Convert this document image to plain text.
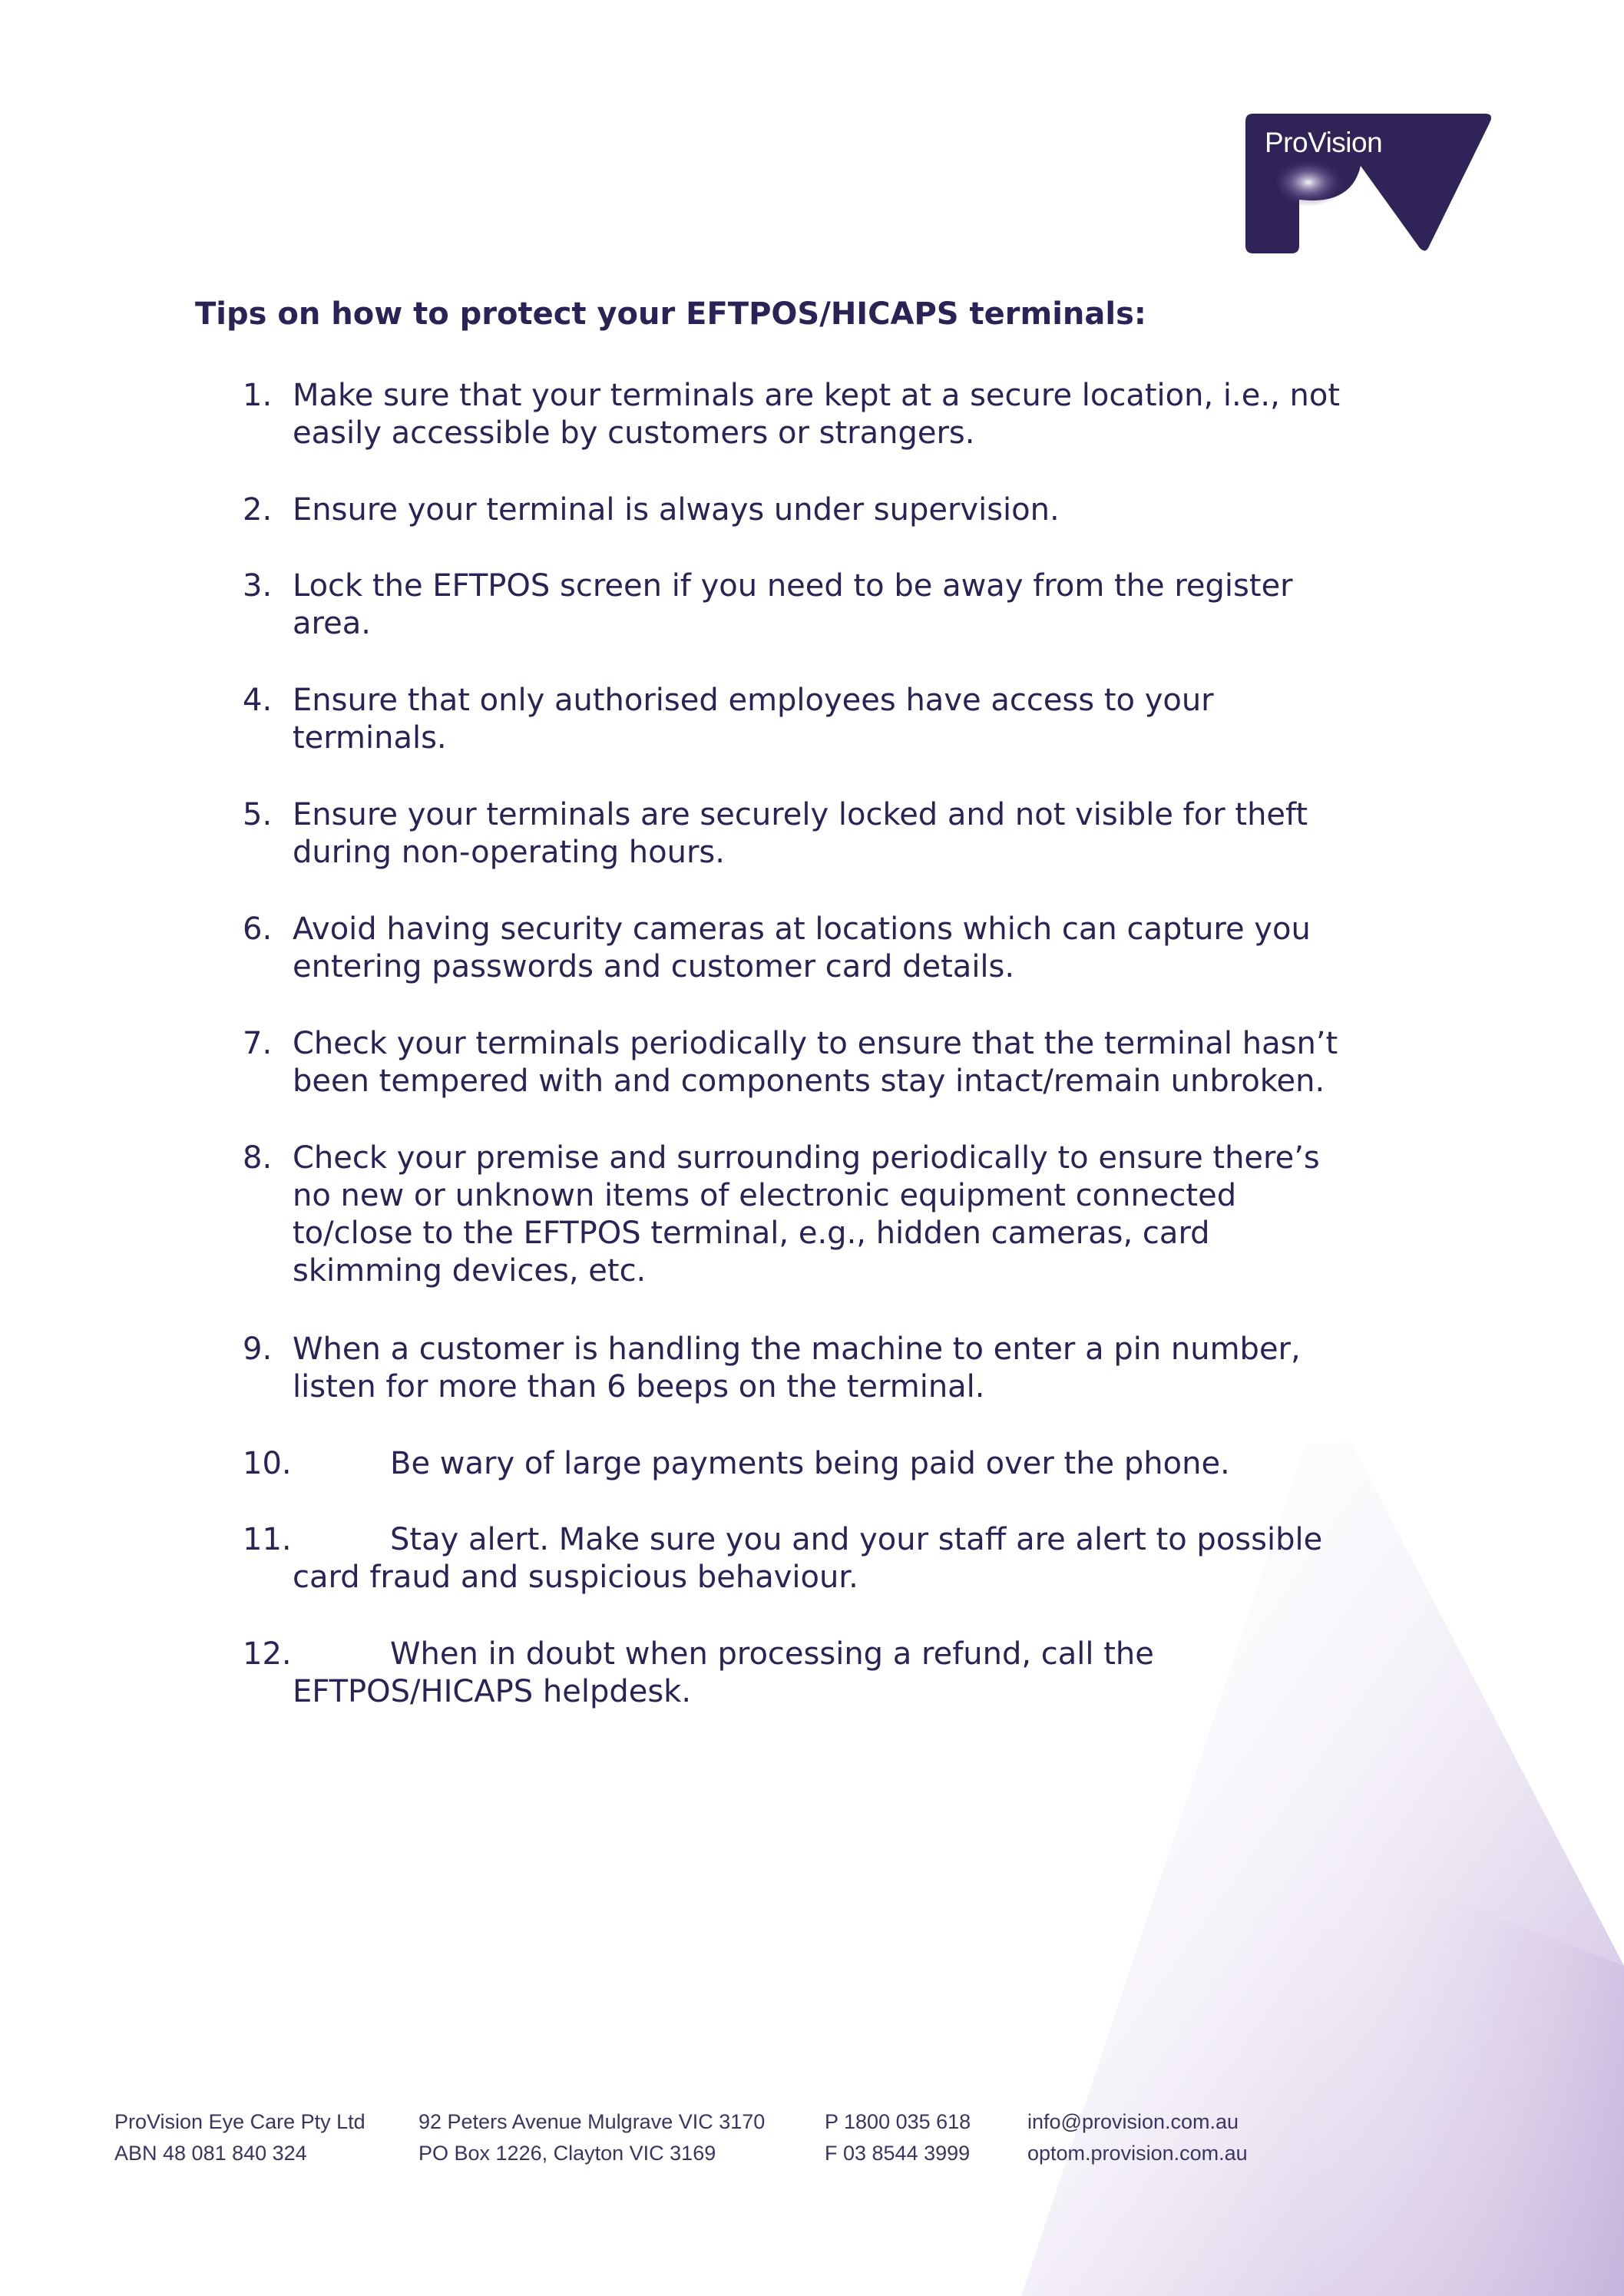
ProVision
Tips on how to protect your EFTPOS/HICAPS terminals:
1. Make sure that your terminals are kept at a secure location, i.e., not
easily accessible by customers or strangers.
2. Ensure your terminal is always under supervision.
3. Lock the EFTPOS screen if you need to be away from the register
area.
4. Ensure that only authorised employees have access to your
terminals.
5. Ensure your terminals are securely locked and not visible for theft
during non-operating hours.
6. Avoid having security cameras at locations which can capture you
entering passwords and customer card details.
7. Check your terminals periodically to ensure that the terminal hasn’t
been tempered with and components stay intact/remain unbroken.
8. Check your premise and surrounding periodically to ensure there’s
no new or unknown items of electronic equipment connected
to/close to the EFTPOS terminal, e.g., hidden cameras, card
skimming devices, etc.
9. When a customer is handling the machine to enter a pin number,
listen for more than 6 beeps on the terminal.
10.	Be wary of large payments being paid over the phone.
11.	Stay alert. Make sure you and your staff are alert to possible
card fraud and suspicious behaviour.
12.	When in doubt when processing a refund, call the
EFTPOS/HICAPS helpdesk.
ProVision Eye Care Pty Ltd
ABN 48 081 840 324
92 Peters Avenue Mulgrave VIC 3170
PO Box 1226, Clayton VIC 3169
P 1800 035 618
F 03 8544 3999
info@provision.com.au
optom.provision.com.au
